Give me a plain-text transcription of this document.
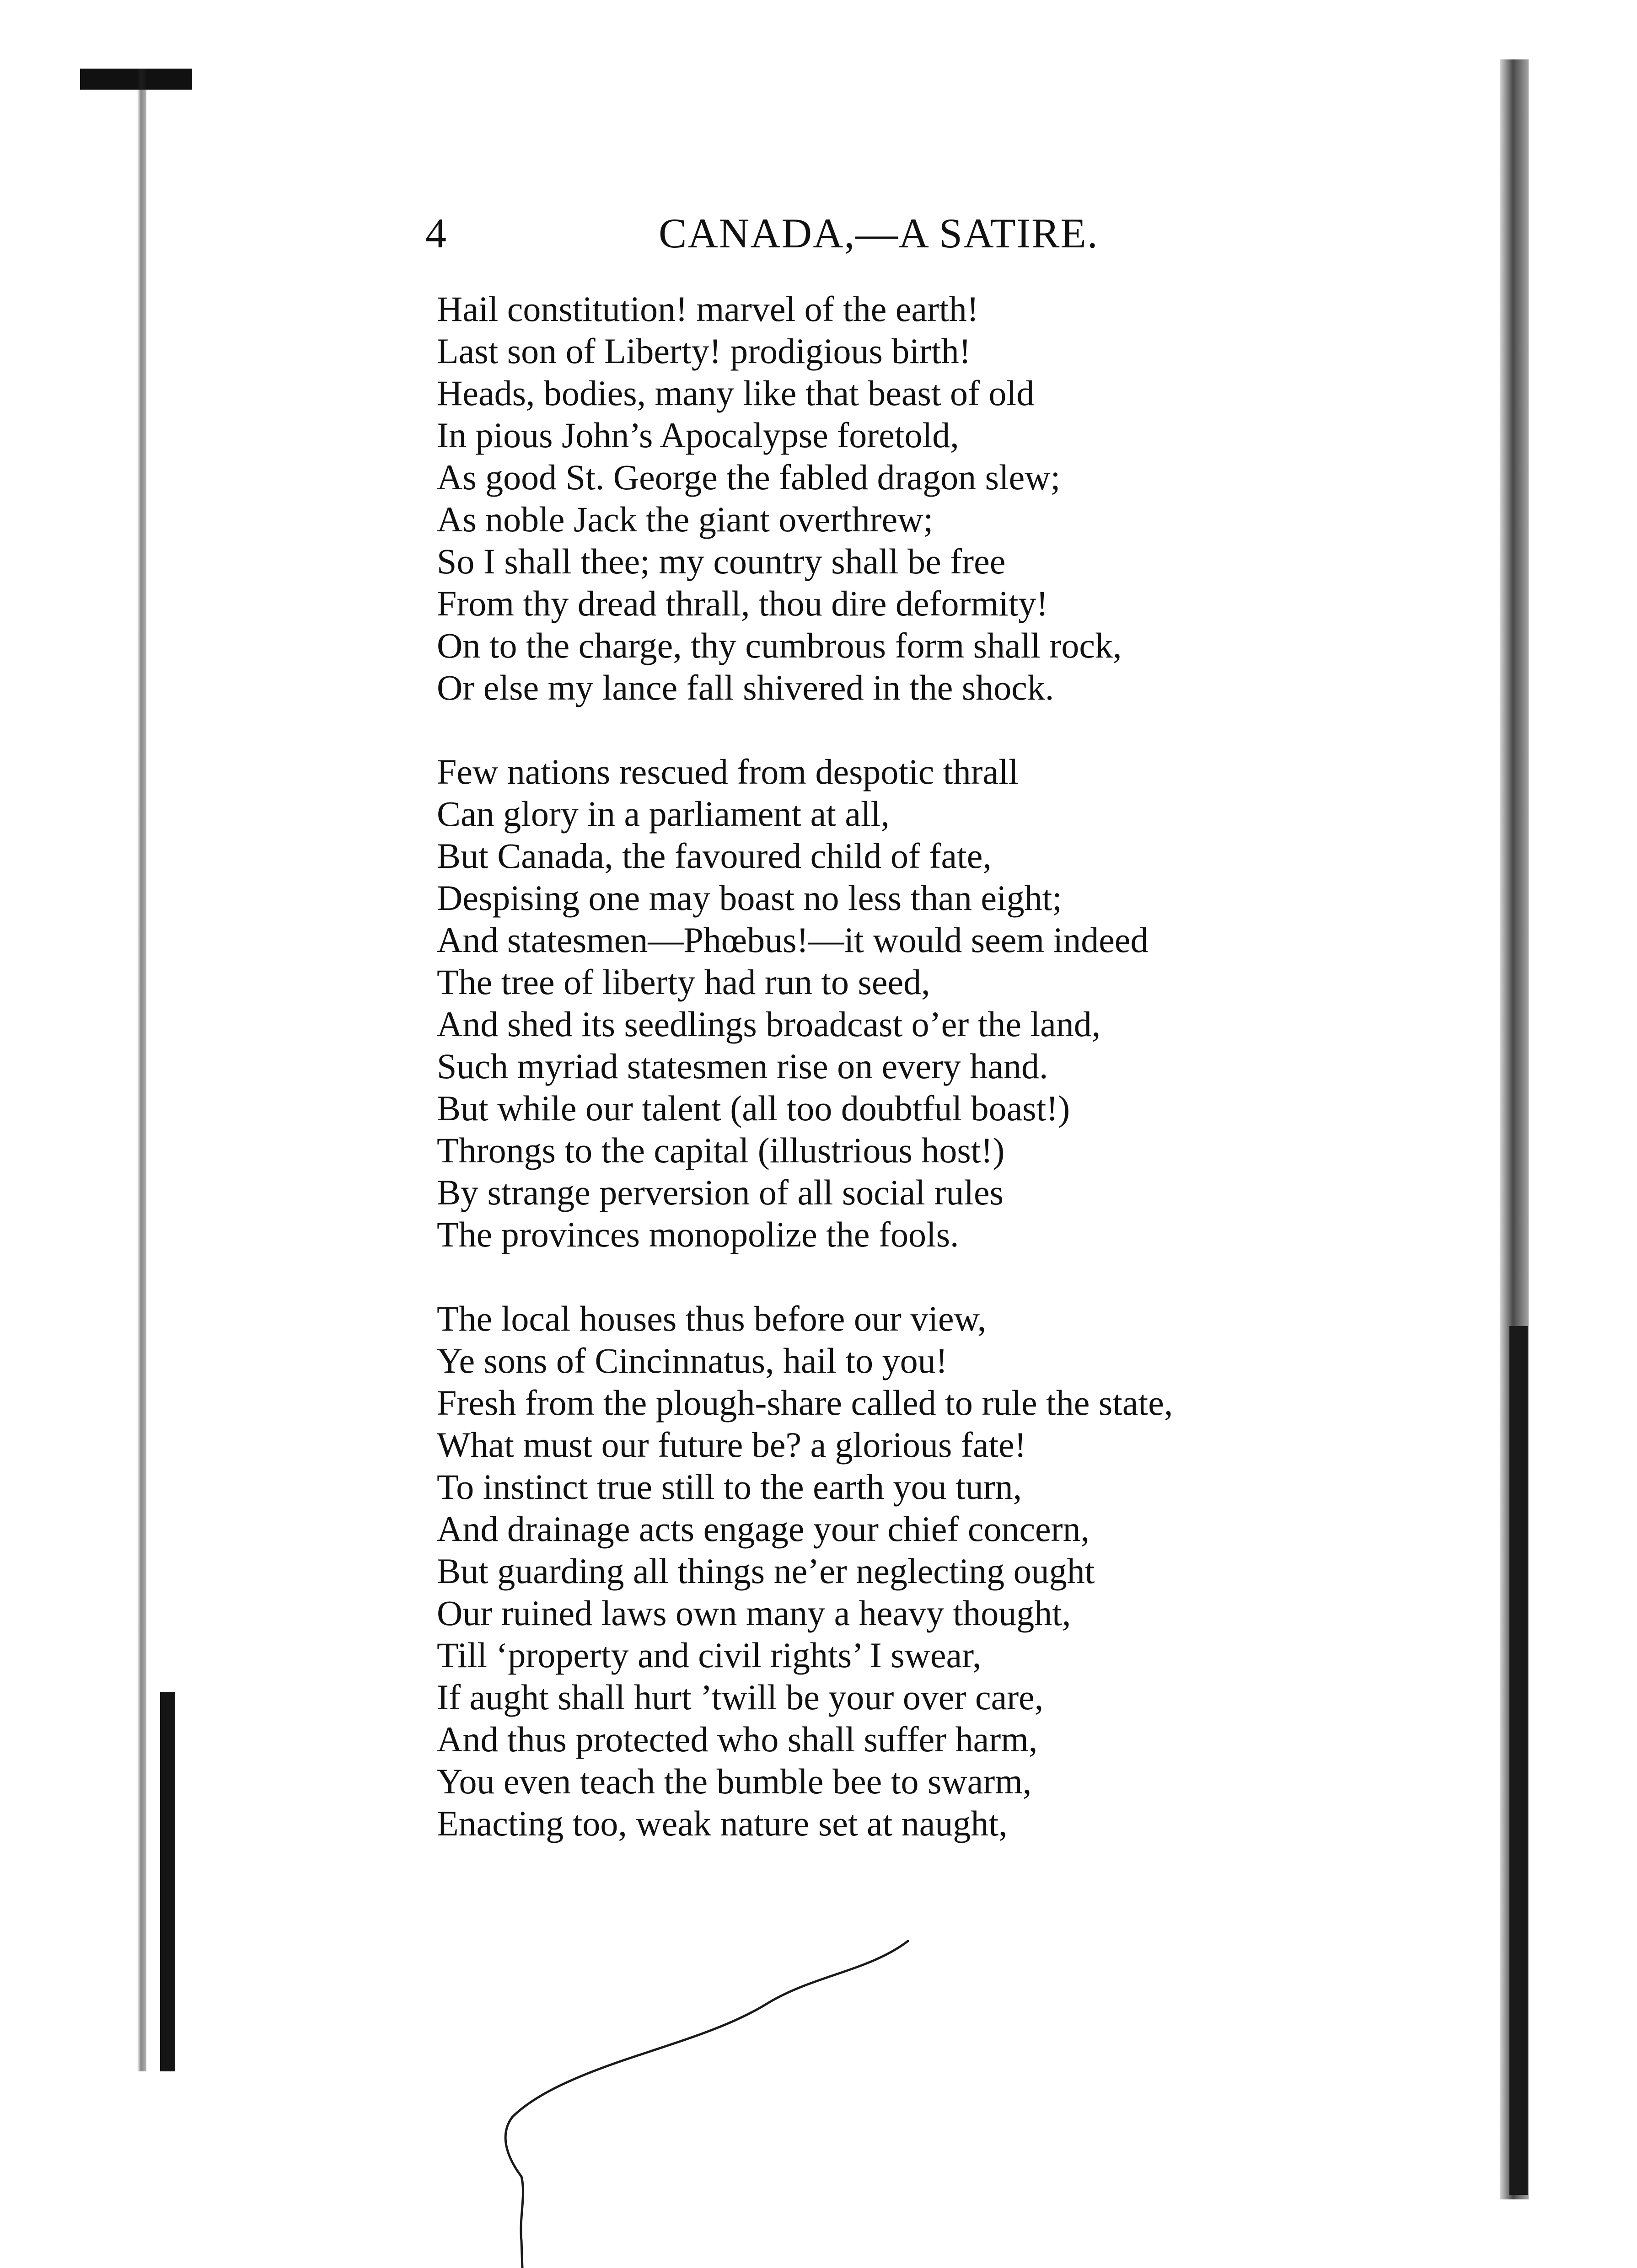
4	CANADA,—A SATIRE.
Hail constitution! marvel of the earth!
Last son of Liberty! prodigious birth!
Heads, bodies, many like that beast of old
In pious John’s Apocalypse foretold,
As good St. George the fabled dragon slew;
As noble Jack the giant overthrew;
So I shall thee; my country shall be free
From thy dread thrall, thou dire deformity!
On to the charge, thy cumbrous form shall rock,
Or else my lance fall shivered in the shock.
Few nations rescued from despotic thrall
Can glory in a parliament at all,
But Canada, the favoured child of fate,
Despising one may boast no less than eight;
And statesmen—Phœbus!—it would seem indeed
The tree of liberty had run to seed,
And shed its seedlings broadcast o’er the land,
Such myriad statesmen rise on every hand.
But while our talent (all too doubtful boast!)
Throngs to the capital (illustrious host!)
By strange perversion of all social rules
The provinces monopolize the fools.
The local houses thus before our view,
Ye sons of Cincinnatus, hail to you!
Fresh from the plough-share called to rule the state,
What must our future be? a glorious fate!
To instinct true still to the earth you turn,
And drainage acts engage your chief concern,
But guarding all things ne’er neglecting ought
Our ruined laws own many a heavy thought,
Till ‘property and civil rights’ I swear,
If aught shall hurt ’twill be your over care,
And thus protected who shall suffer harm,
You even teach the bumble bee to swarm,
Enacting too, weak nature set at naught,
